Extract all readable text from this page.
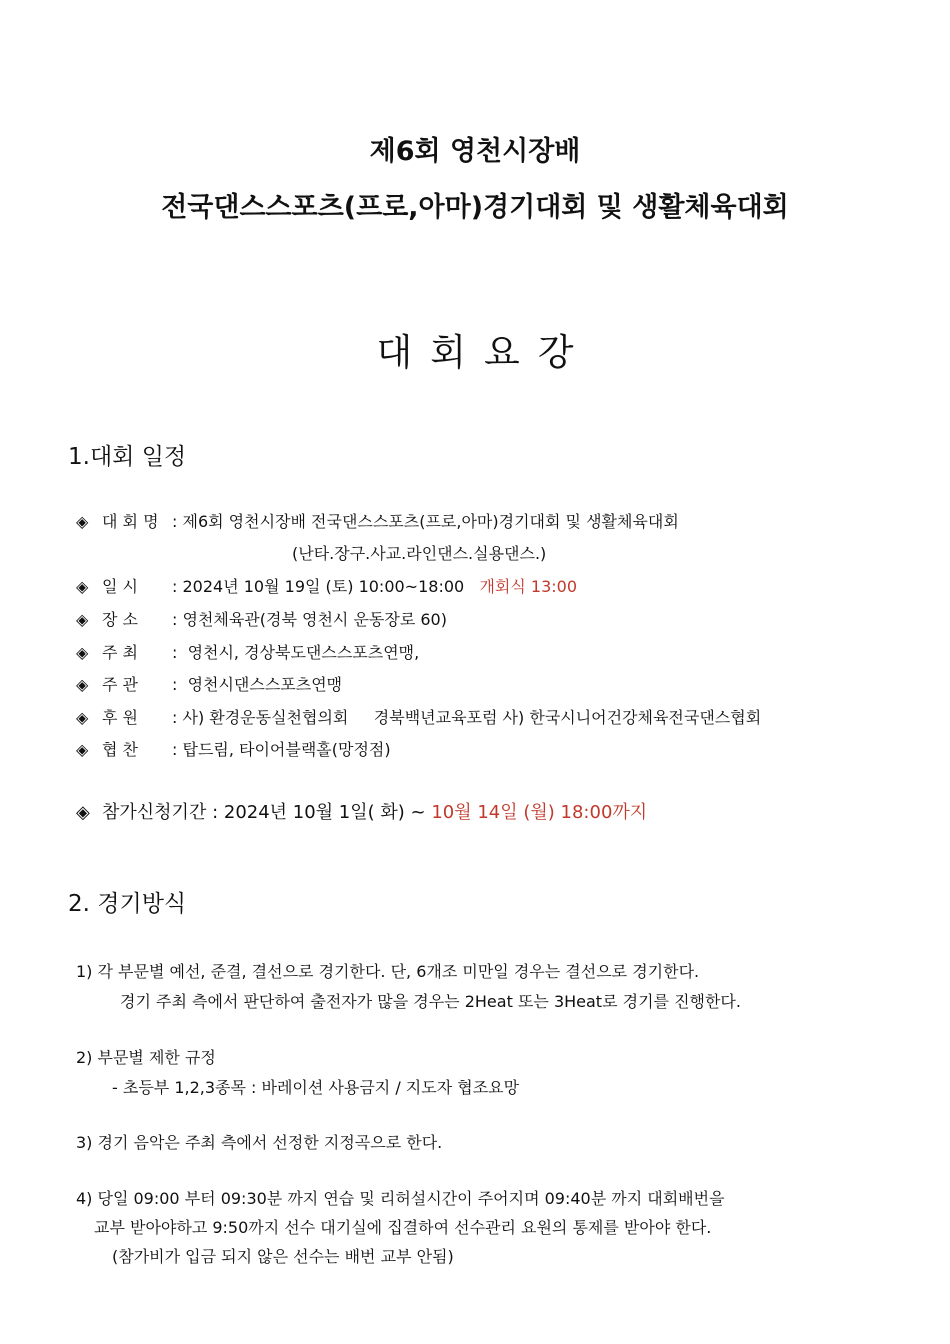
제6회 영천시장배
전국댄스스포츠(프로,아마)경기대회 및 생활체육대회
대회요강
1.대회 일정
◈ 대 회 명 : 제6회 영천시장배 전국댄스스포츠(프로,아마)경기대회 및 생활체육대회
(난타.장구.사교.라인댄스.실용댄스.)
◈ 일 시 : 2024년 10월 19일 (토) 10:00~18:00 개회식 13:00
◈ 장 소 : 영천체육관(경북 영천시 운동장로 60)
◈ 주 최 : 영천시, 경상북도댄스스포츠연맹,
◈ 주 관 : 영천시댄스스포츠연맹
◈ 후 원 : 사) 환경운동실천협의회     경북백년교육포럼 사) 한국시니어건강체육전국댄스협회
◈ 협 찬 : 탑드림, 타이어블랙홀(망정점)
◈ 참가신청기간 : 2024년 10월 1일( 화) ~ 10월 14일 (월) 18:00까지
2. 경기방식
1) 각 부문별 예선, 준결, 결선으로 경기한다. 단, 6개조 미만일 경우는 결선으로 경기한다.
경기 주최 측에서 판단하여 출전자가 많을 경우는 2Heat 또는 3Heat로 경기를 진행한다.
2) 부문별 제한 규정
- 초등부 1,2,3종목 : 바레이션 사용금지 / 지도자 협조요망
3) 경기 음악은 주최 측에서 선정한 지정곡으로 한다.
4) 당일 09:00 부터 09:30분 까지 연습 및 리허설시간이 주어지며 09:40분 까지 대회배번을
교부 받아야하고 9:50까지 선수 대기실에 집결하여 선수관리 요원의 통제를 받아야 한다.
(참가비가 입금 되지 않은 선수는 배번 교부 안됨)
